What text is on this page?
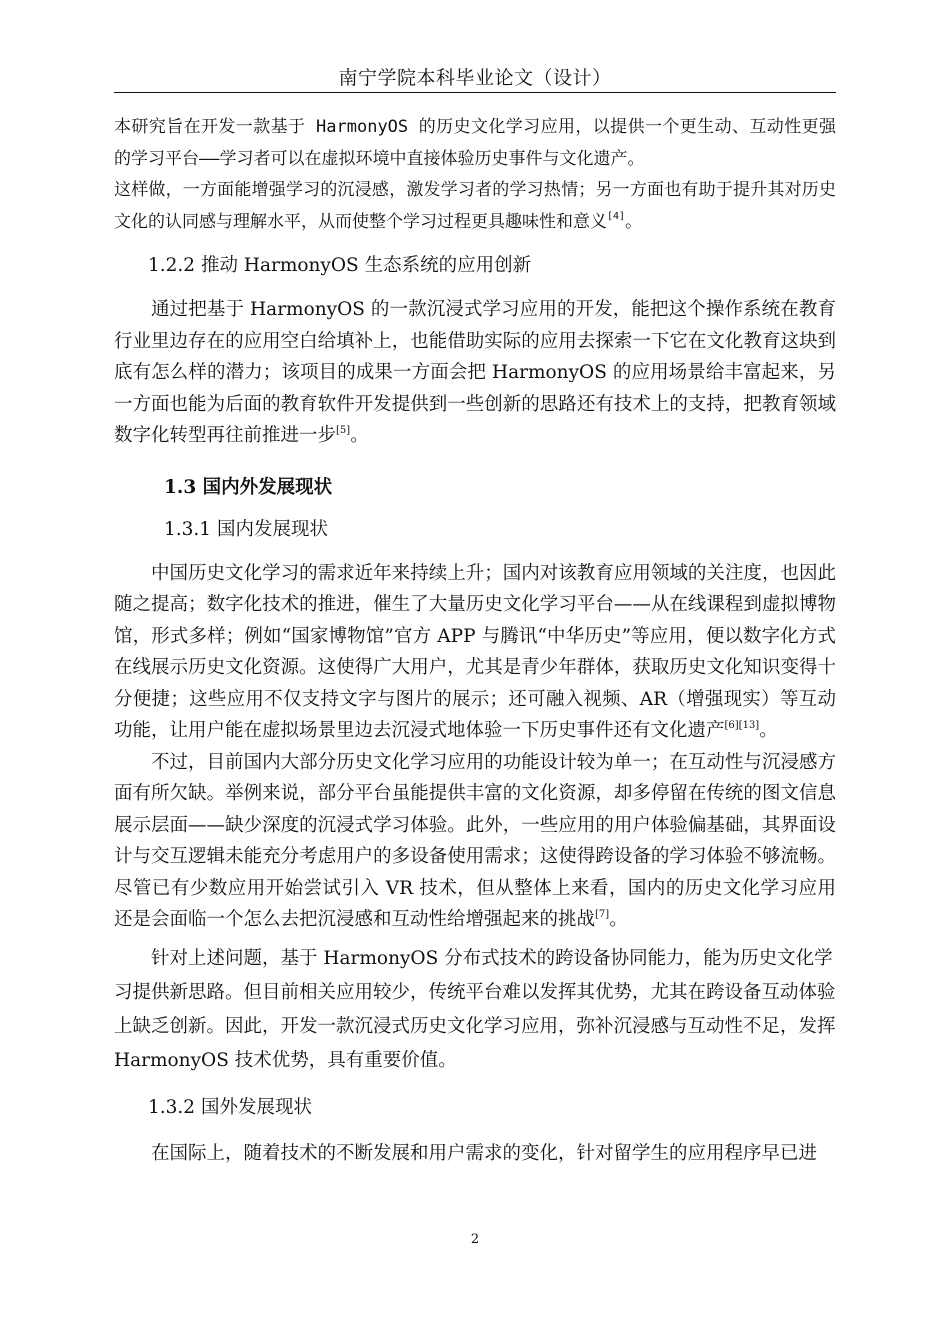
南宁学院本科毕业论文（设计）

本研究旨在开发一款基于 HarmonyOS 的历史文化学习应用，以提供一个更生动、互动性更强的学习平台——学习者可以在虚拟环境中直接体验历史事件与文化遗产。

这样做，一方面能增强学习的沉浸感，激发学习者的学习热情；另一方面也有助于提升其对历史文化的认同感与理解水平，从而使整个学习过程更具趣味性和意义[4]。

1.2.2 推动 HarmonyOS 生态系统的应用创新

通过把基于 HarmonyOS 的一款沉浸式学习应用的开发，能把这个操作系统在教育行业里边存在的应用空白给填补上，也能借助实际的应用去探索一下它在文化教育这块到底有怎么样的潜力；该项目的成果一方面会把 HarmonyOS 的应用场景给丰富起来，另一方面也能为后面的教育软件开发提供到一些创新的思路还有技术上的支持，把教育领域数字化转型再往前推进一步[5]。

1.3 国内外发展现状

1.3.1 国内发展现状

中国历史文化学习的需求近年来持续上升；国内对该教育应用领域的关注度，也因此随之提高；数字化技术的推进，催生了大量历史文化学习平台——从在线课程到虚拟博物馆，形式多样；例如“国家博物馆”官方 APP 与腾讯“中华历史”等应用，便以数字化方式在线展示历史文化资源。这使得广大用户，尤其是青少年群体，获取历史文化知识变得十分便捷；这些应用不仅支持文字与图片的展示；还可融入视频、AR（增强现实）等互动功能，让用户能在虚拟场景里边去沉浸式地体验一下历史事件还有文化遗产[6][13]。

不过，目前国内大部分历史文化学习应用的功能设计较为单一；在互动性与沉浸感方面有所欠缺。举例来说，部分平台虽能提供丰富的文化资源，却多停留在传统的图文信息展示层面——缺少深度的沉浸式学习体验。此外，一些应用的用户体验偏基础，其界面设计与交互逻辑未能充分考虑用户的多设备使用需求；这使得跨设备的学习体验不够流畅。尽管已有少数应用开始尝试引入 VR 技术，但从整体上来看，国内的历史文化学习应用还是会面临一个怎么去把沉浸感和互动性给增强起来的挑战[7]。

针对上述问题，基于 HarmonyOS 分布式技术的跨设备协同能力，能为历史文化学习提供新思路。但目前相关应用较少，传统平台难以发挥其优势，尤其在跨设备互动体验上缺乏创新。因此，开发一款沉浸式历史文化学习应用，弥补沉浸感与互动性不足，发挥 HarmonyOS 技术优势，具有重要价值。

1.3.2 国外发展现状

在国际上，随着技术的不断发展和用户需求的变化，针对留学生的应用程序早已进

2
